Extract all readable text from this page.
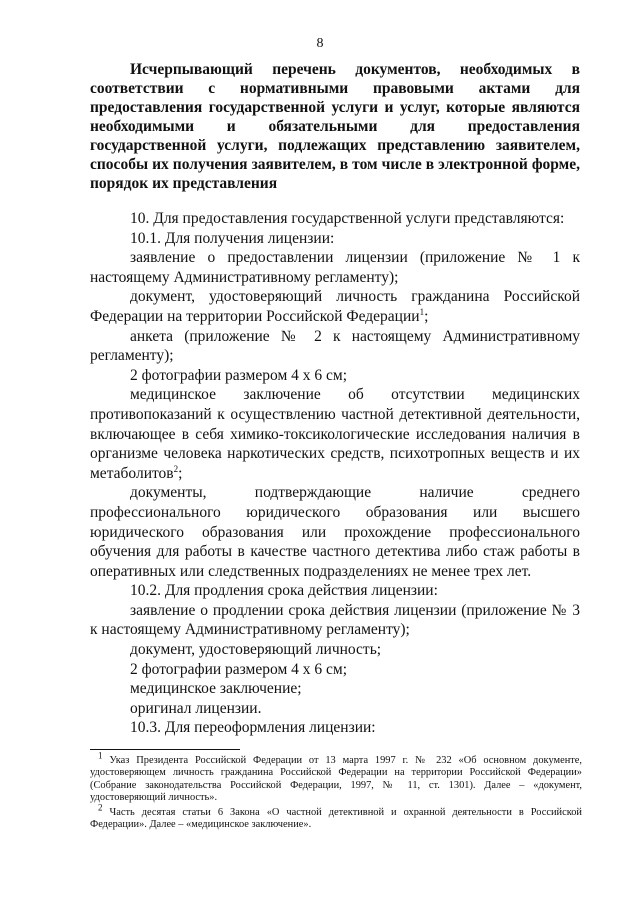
8

Исчерпывающий перечень документов, необходимых в соответствии с нормативными правовыми актами для предоставления государственной услуги и услуг, которые являются необходимыми и обязательными для предоставления государственной услуги, подлежащих представлению заявителем, способы их получения заявителем, в том числе в электронной форме, порядок их представления

10. Для предоставления государственной услуги представляются:

10.1. Для получения лицензии:

заявление о предоставлении лицензии (приложение № 1 к настоящему Административному регламенту);

документ, удостоверяющий личность гражданина Российской Федерации на территории Российской Федерации$^1$;

анкета (приложение № 2 к настоящему Административному регламенту);

2 фотографии размером 4 х 6 см;

медицинское заключение об отсутствии медицинских противопоказаний к осуществлению частной детективной деятельности, включающее в себя химико-токсикологические исследования наличия в организме человека наркотических средств, психотропных веществ и их метаболитов$^2$;

документы, подтверждающие наличие среднего профессионального юридического образования или высшего юридического образования или прохождение профессионального обучения для работы в качестве частного детектива либо стаж работы в оперативных или следственных подразделениях не менее трех лет.

10.2. Для продления срока действия лицензии:

заявление о продлении срока действия лицензии (приложение № 3 к настоящему Административному регламенту);

документ, удостоверяющий личность;

2 фотографии размером 4 х 6 см;

медицинское заключение;

оригинал лицензии.

10.3. Для переоформления лицензии:

$^1$ Указ Президента Российской Федерации от 13 марта 1997 г. № 232 «Об основном документе, удостоверяющем личность гражданина Российской Федерации на территории Российской Федерации» (Собрание законодательства Российской Федерации, 1997, № 11, ст. 1301). Далее – «документ, удостоверяющий личность».

$^2$ Часть десятая статьи 6 Закона «О частной детективной и охранной деятельности в Российской Федерации». Далее – «медицинское заключение».
